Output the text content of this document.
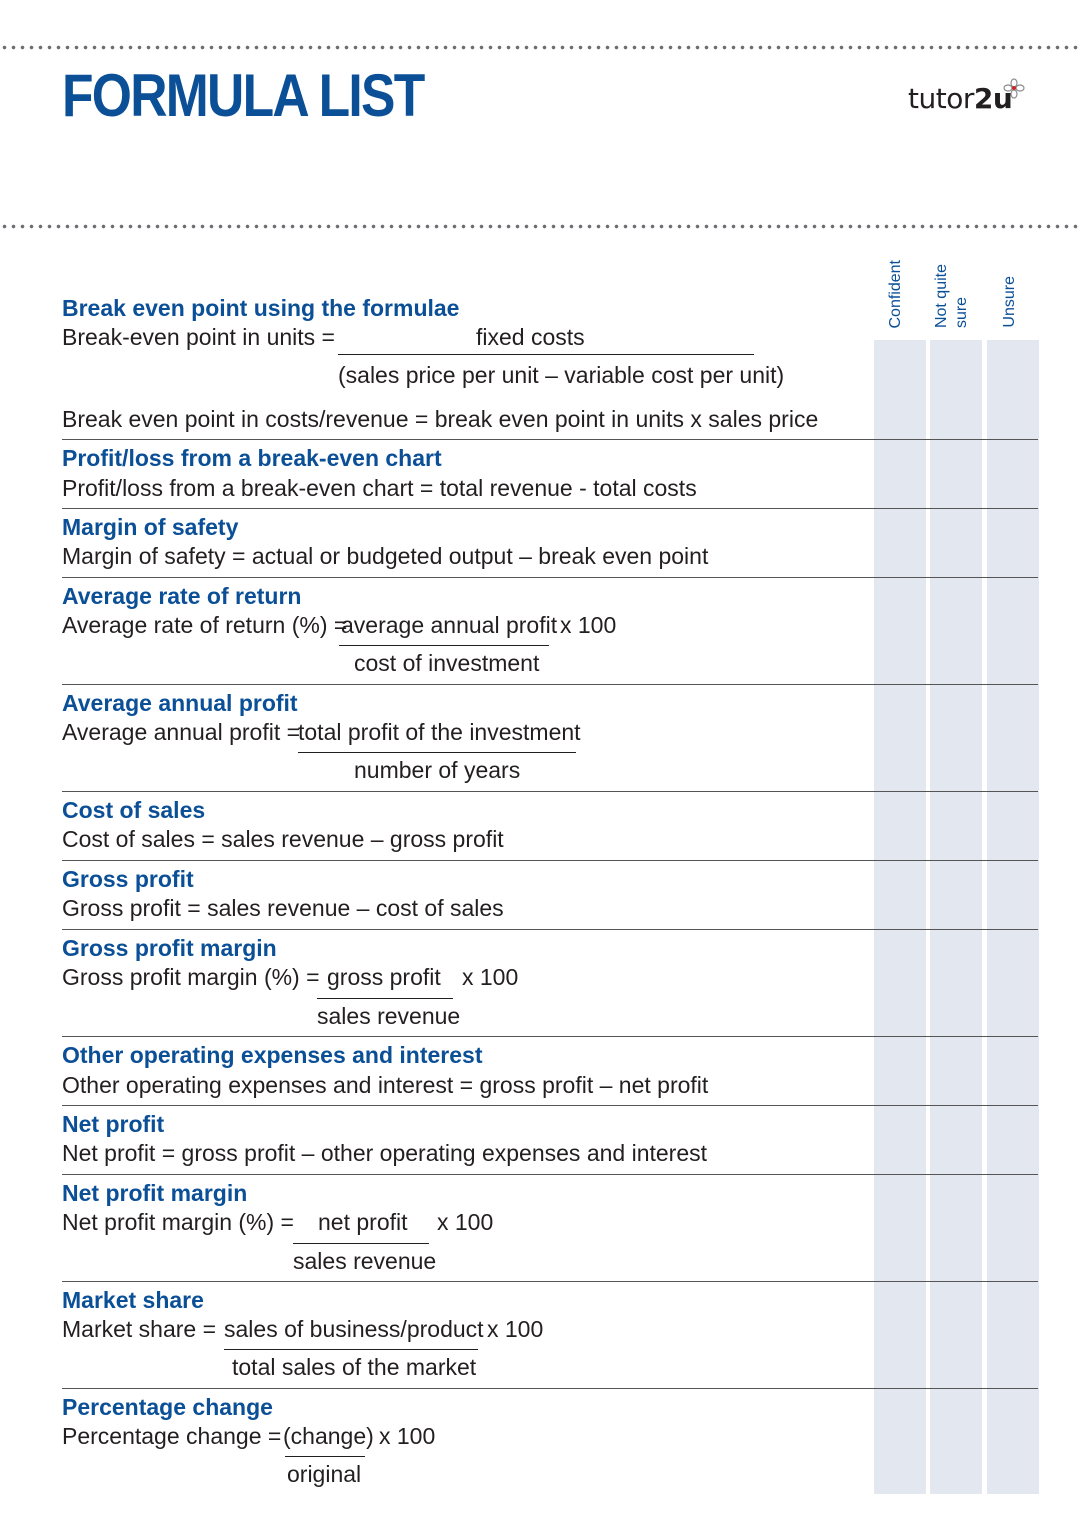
FORMULA LIST	tutor2u
Confident Not quite
sure Unsure
Break even point using the formulae
Break-even point in units =	fixed costs
(sales price per unit – variable cost per unit)
Break even point in costs/revenue = break even point in units x sales price
Profit/loss from a break-even chart
Profit/loss from a break-even chart = total revenue - total costs
Margin of safety
Margin of safety = actual or budgeted output – break even point
Average rate of return
Average rate of return (%) =
average annual profit x 100
cost of investment
Average annual profit
Average annual profit =
total profit of the investment
number of years
Cost of sales
Cost of sales = sales revenue – gross profit
Gross profit
Gross profit = sales revenue – cost of sales
Gross profit margin
Gross profit margin (%) = gross profit x 100
sales revenue
Other operating expenses and interest
Other operating expenses and interest = gross profit – net profit
Net profit
Net profit = gross profit – other operating expenses and interest
Net profit margin
Net profit margin (%) = net profit x 100
sales revenue
Market share
Market share = sales of business/product x 100
total sales of the market
Percentage change
Percentage change = (change) x 100
original
